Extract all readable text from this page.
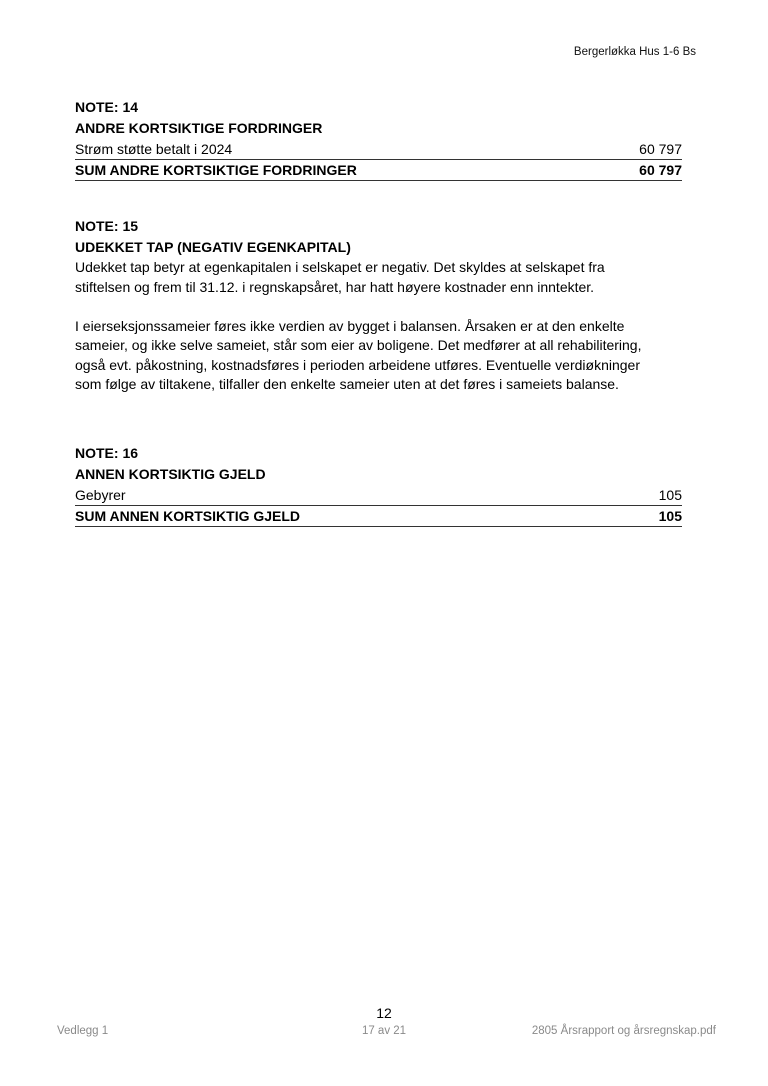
Bergerløkka Hus 1-6 Bs
NOTE: 14
ANDRE KORTSIKTIGE FORDRINGER
Strøm støtte betalt i 2024	60 797
SUM ANDRE KORTSIKTIGE FORDRINGER	60 797
NOTE: 15
UDEKKET TAP (NEGATIV EGENKAPITAL)

Udekket tap betyr at egenkapitalen i selskapet er negativ. Det skyldes at selskapet fra stiftelsen og frem til 31.12. i regnskapsåret, har hatt høyere kostnader enn inntekter.

I eierseksjonssameier føres ikke verdien av bygget i balansen. Årsaken er at den enkelte sameier, og ikke selve sameiet, står som eier av boligene. Det medfører at all rehabilitering, også evt. påkostning, kostnadsføres i perioden arbeidene utføres. Eventuelle verdiøkninger som følge av tiltakene, tilfaller den enkelte sameier uten at det føres i sameiets balanse.

NOTE: 16
ANNEN KORTSIKTIG GJELD
Gebyrer	105
SUM ANNEN KORTSIKTIG GJELD	105
12
Vedlegg 1	17 av 21	2805 Årsrapport og årsregnskap.pdf
